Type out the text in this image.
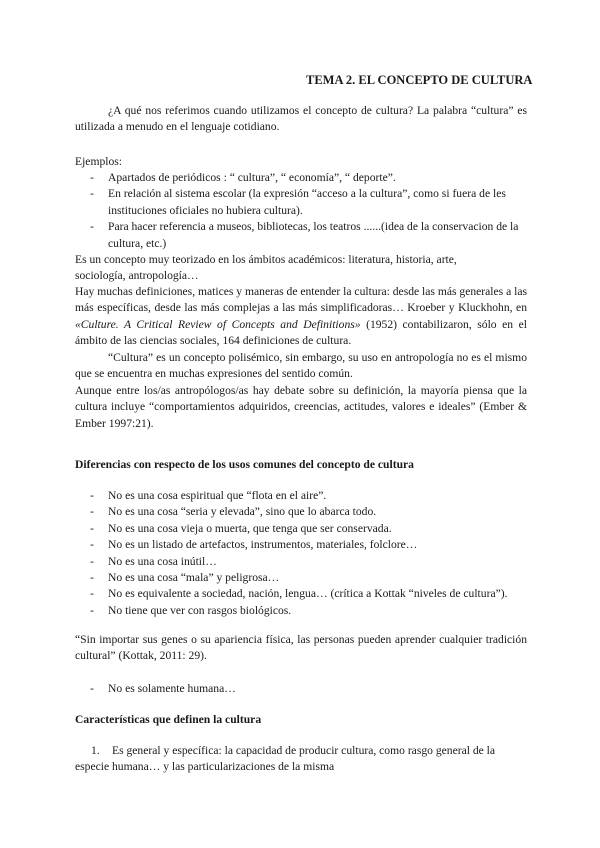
TEMA 2. EL CONCEPTO DE CULTURA

¿A qué nos referimos cuando utilizamos el concepto de cultura? La palabra “cultura” es utilizada a menudo en el lenguaje cotidiano.

Ejemplos:

- Apartados de periódicos : “ cultura”, “ economía”, “ deporte”.
- En relación al sistema escolar (la expresión “acceso a la cultura”, como si fuera de les instituciones oficiales no hubiera cultura).
- Para hacer referencia a museos, bibliotecas, los teatros ......(idea de la conservacion de la cultura, etc.)

Es un concepto muy teorizado en los ámbitos académicos: literatura, historia, arte, sociología, antropología…

Hay muchas definiciones, matices y maneras de entender la cultura: desde las más generales a las más específicas, desde las más complejas a las más simplificadoras… Kroeber y Kluckhohn, en «Culture. A Critical Review of Concepts and Definitions» (1952) contabilizaron, sólo en el ámbito de las ciencias sociales, 164 definiciones de cultura.

“Cultura” es un concepto polisémico, sin embargo, su uso en antropología no es el mismo que se encuentra en muchas expresiones del sentido común.

Aunque entre los/as antropólogos/as hay debate sobre su definición, la mayoría piensa que la cultura incluye “comportamientos adquiridos, creencias, actitudes, valores e ideales” (Ember & Ember 1997:21).

Diferencias con respecto de los usos comunes del concepto de cultura
- No es una cosa espiritual que “flota en el aire”.
- No es una cosa “seria y elevada”, sino que lo abarca todo.
- No es una cosa vieja o muerta, que tenga que ser conservada.
- No es un listado de artefactos, instrumentos, materiales, folclore…
- No es una cosa inútil…
- No es una cosa “mala” y peligrosa…
- No es equivalente a sociedad, nación, lengua… (crítica a Kottak “niveles de cultura”).
- No tiene que ver con rasgos biológicos.

“Sin importar sus genes o su apariencia física, las personas pueden aprender cualquier tradición cultural” (Kottak, 2011: 29).

- No es solamente humana…
Características que definen la cultura
1. Es general y específica: la capacidad de producir cultura, como rasgo general de la especie humana… y las particularizaciones de la misma
